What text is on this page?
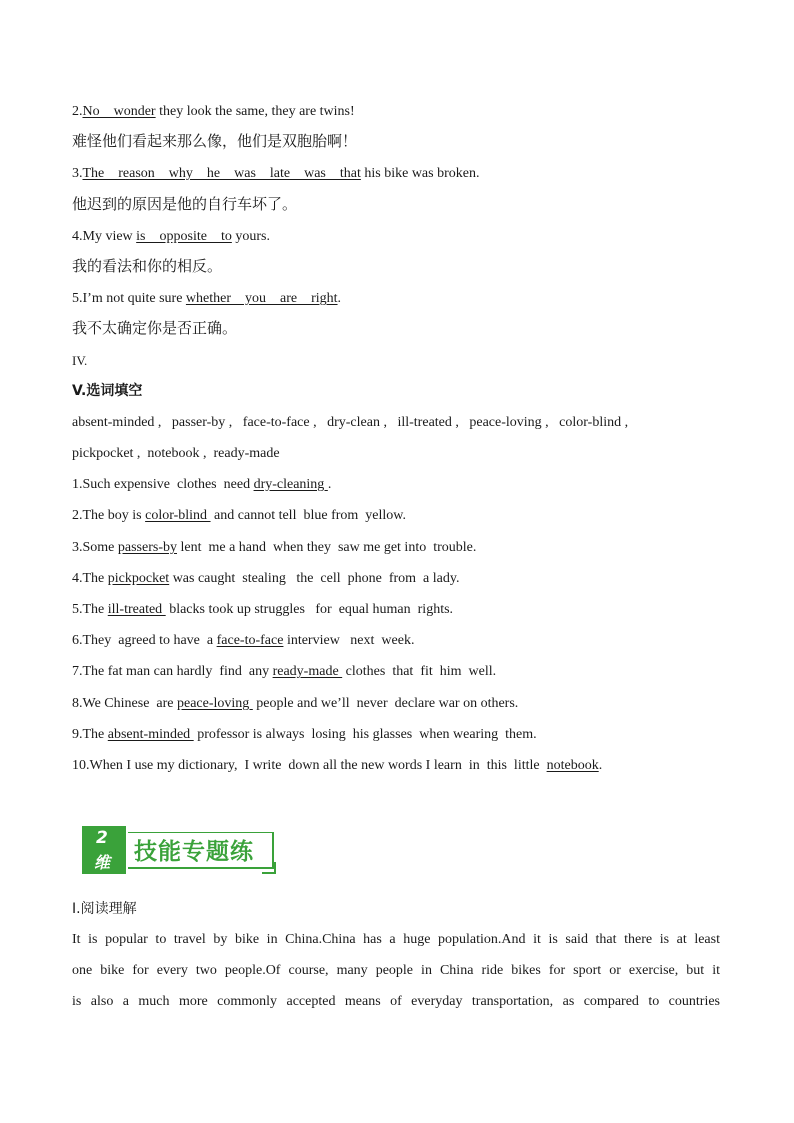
2.No    wonder they look the same, they are twins!
难怪他们看起来那么像，他们是双胞胎啊！
3.The    reason    why    he    was    late    was    that his bike was broken.
他迟到的原因是他的自行车坏了。
4.My view is    opposite    to yours.
我的看法和你的相反。
5.I’m not quite sure whether    you    are    right.
我不太确定你是否正确。
IV.
V.选词填空
absent-minded ,   passer-by ,   face-to-face ,   dry-clean ,   ill-treated ,   peace-loving ,   color-blind ,
pickpocket ,  notebook ,  ready-made
1.Such expensive  clothes  need dry-cleaning .
2.The boy is color-blind  and cannot tell  blue from  yellow.
3.Some passers-by lent  me a hand  when they  saw me get into  trouble.
4.The pickpocket was caught  stealing   the  cell  phone  from  a lady.
5.The ill-treated  blacks took up struggles   for  equal human  rights.
6.They  agreed to have  a face-to-face interview   next  week.
7.The fat man can hardly  find  any ready-made  clothes  that  fit  him  well.
8.We Chinese  are peace-loving  people and we’ll  never  declare war on others.
9.The absent-minded  professor is always  losing  his glasses  when wearing  them.
10.When I use my dictionary,  I write  down all the new words I learn  in  this  little  notebook.
2
维 技能专题练
Ⅰ.阅读理解
It is popular to travel by bike in China.China has a huge population.And it is said that there is at least
one bike for every two people.Of course, many people in China ride bikes for sport or exercise, but it
is also a much more commonly accepted means of everyday transportation, as compared to countries
